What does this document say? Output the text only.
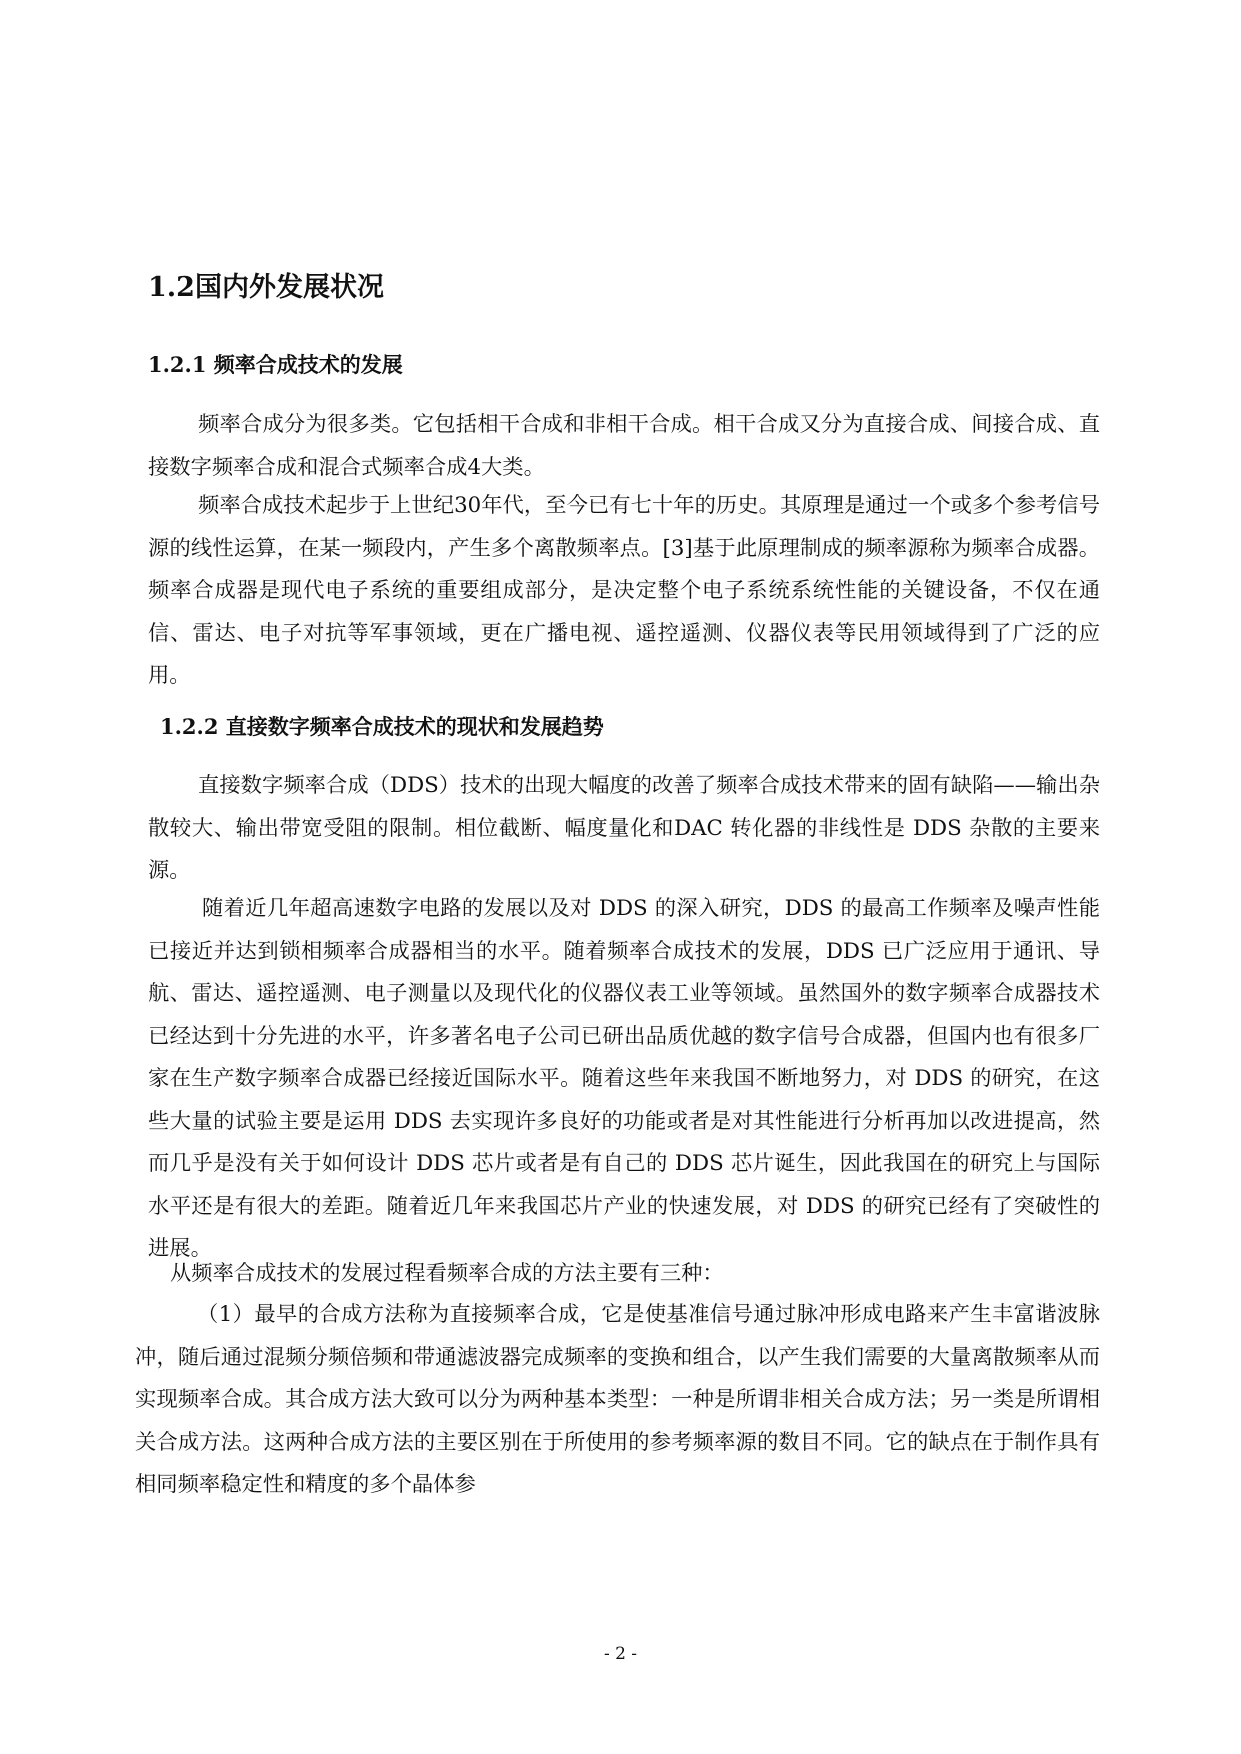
1.2国内外发展状况
1.2.1 频率合成技术的发展

频率合成分为很多类。它包括相干合成和非相干合成。相干合成又分为直接合成、间接合成、直接数字频率合成和混合式频率合成4大类。

频率合成技术起步于上世纪30年代，至今已有七十年的历史。其原理是通过一个或多个参考信号源的线性运算，在某一频段内，产生多个离散频率点。[3]基于此原理制成的频率源称为频率合成器。频率合成器是现代电子系统的重要组成部分，是决定整个电子系统系统性能的关键设备，不仅在通信、雷达、电子对抗等军事领域，更在广播电视、遥控遥测、仪器仪表等民用领域得到了广泛的应用。

1.2.2 直接数字频率合成技术的现状和发展趋势

直接数字频率合成（DDS）技术的出现大幅度的改善了频率合成技术带来的固有缺陷——输出杂散较大、输出带宽受阻的限制。相位截断、幅度量化和DAC 转化器的非线性是 DDS 杂散的主要来源。

随着近几年超高速数字电路的发展以及对 DDS 的深入研究，DDS 的最高工作频率及噪声性能已接近并达到锁相频率合成器相当的水平。随着频率合成技术的发展，DDS 已广泛应用于通讯、导航、雷达、遥控遥测、电子测量以及现代化的仪器仪表工业等领域。虽然国外的数字频率合成器技术已经达到十分先进的水平，许多著名电子公司已研出品质优越的数字信号合成器，但国内也有很多厂家在生产数字频率合成器已经接近国际水平。随着这些年来我国不断地努力，对 DDS 的研究，在这些大量的试验主要是运用 DDS 去实现许多良好的功能或者是对其性能进行分析再加以改进提高，然而几乎是没有关于如何设计 DDS 芯片或者是有自己的 DDS 芯片诞生，因此我国在的研究上与国际水平还是有很大的差距。随着近几年来我国芯片产业的快速发展，对 DDS 的研究已经有了突破性的进展。

从频率合成技术的发展过程看频率合成的方法主要有三种：

（1）最早的合成方法称为直接频率合成，它是使基准信号通过脉冲形成电路来产生丰富谐波脉冲，随后通过混频分频倍频和带通滤波器完成频率的变换和组合，以产生我们需要的大量离散频率从而实现频率合成。其合成方法大致可以分为两种基本类型：一种是所谓非相关合成方法；另一类是所谓相关合成方法。这两种合成方法的主要区别在于所使用的参考频率源的数目不同。它的缺点在于制作具有相同频率稳定性和精度的多个晶体参

- 2 -
